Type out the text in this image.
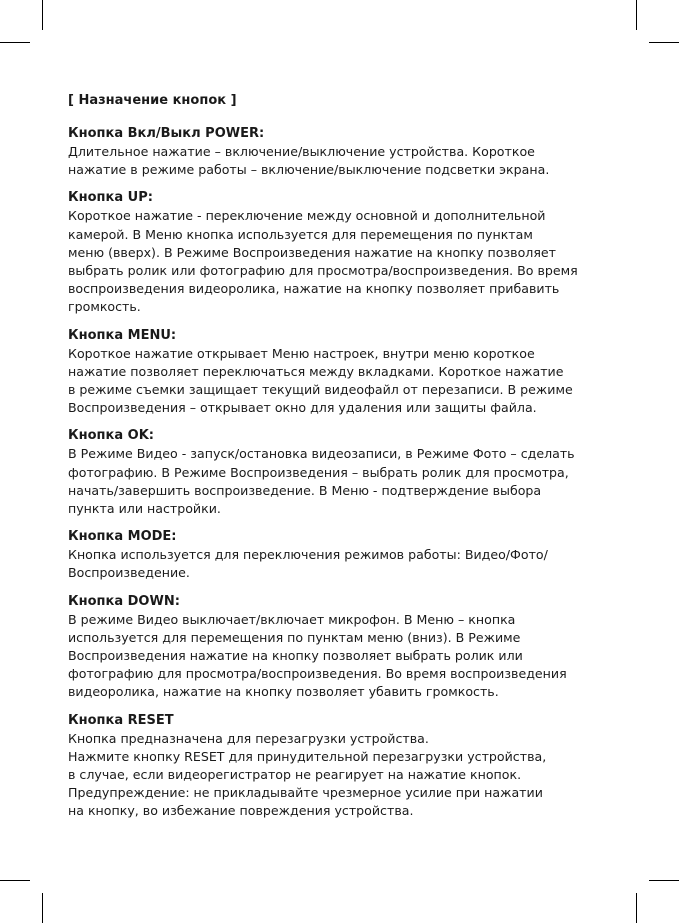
[ Назначение кнопок ]
Кнопка Вкл/Выкл POWER:
Длительное нажатие – включение/выключение устройства. Короткое
нажатие в режиме работы – включение/выключение подсветки экрана.
Кнопка UP:
Короткое нажатие - переключение между основной и дополнительной
камерой. В Меню кнопка используется для перемещения по пунктам
меню (вверх). В Режиме Воспроизведения нажатие на кнопку позволяет
выбрать ролик или фотографию для просмотра/воспроизведения. Во время
воспроизведения видеоролика, нажатие на кнопку позволяет прибавить
громкость.
Кнопка MENU:
Короткое нажатие открывает Меню настроек, внутри меню короткое
нажатие позволяет переключаться между вкладками. Короткое нажатие
в режиме съемки защищает текущий видеофайл от перезаписи. В режиме
Воспроизведения – открывает окно для удаления или защиты файла.
Кнопка OK:
В Режиме Видео - запуск/остановка видеозаписи, в Режиме Фото – сделать
фотографию. В Режиме Воспроизведения – выбрать ролик для просмотра,
начать/завершить воспроизведение. В Меню - подтверждение выбора
пункта или настройки.
Кнопка MODE:
Кнопка используется для переключения режимов работы: Видео/Фото/
Воспроизведение.
Кнопка DOWN:
В режиме Видео выключает/включает микрофон. В Меню – кнопка
используется для перемещения по пунктам меню (вниз). В Режиме
Воспроизведения нажатие на кнопку позволяет выбрать ролик или
фотографию для просмотра/воспроизведения. Во время воспроизведения
видеоролика, нажатие на кнопку позволяет убавить громкость.
Кнопка RESET
Кнопка предназначена для перезагрузки устройства.
Нажмите кнопку RESET для принудительной перезагрузки устройства,
в случае, если видеорегистратор не реагирует на нажатие кнопок.
Предупреждение: не прикладывайте чрезмерное усилие при нажатии
на кнопку, во избежание повреждения устройства.
